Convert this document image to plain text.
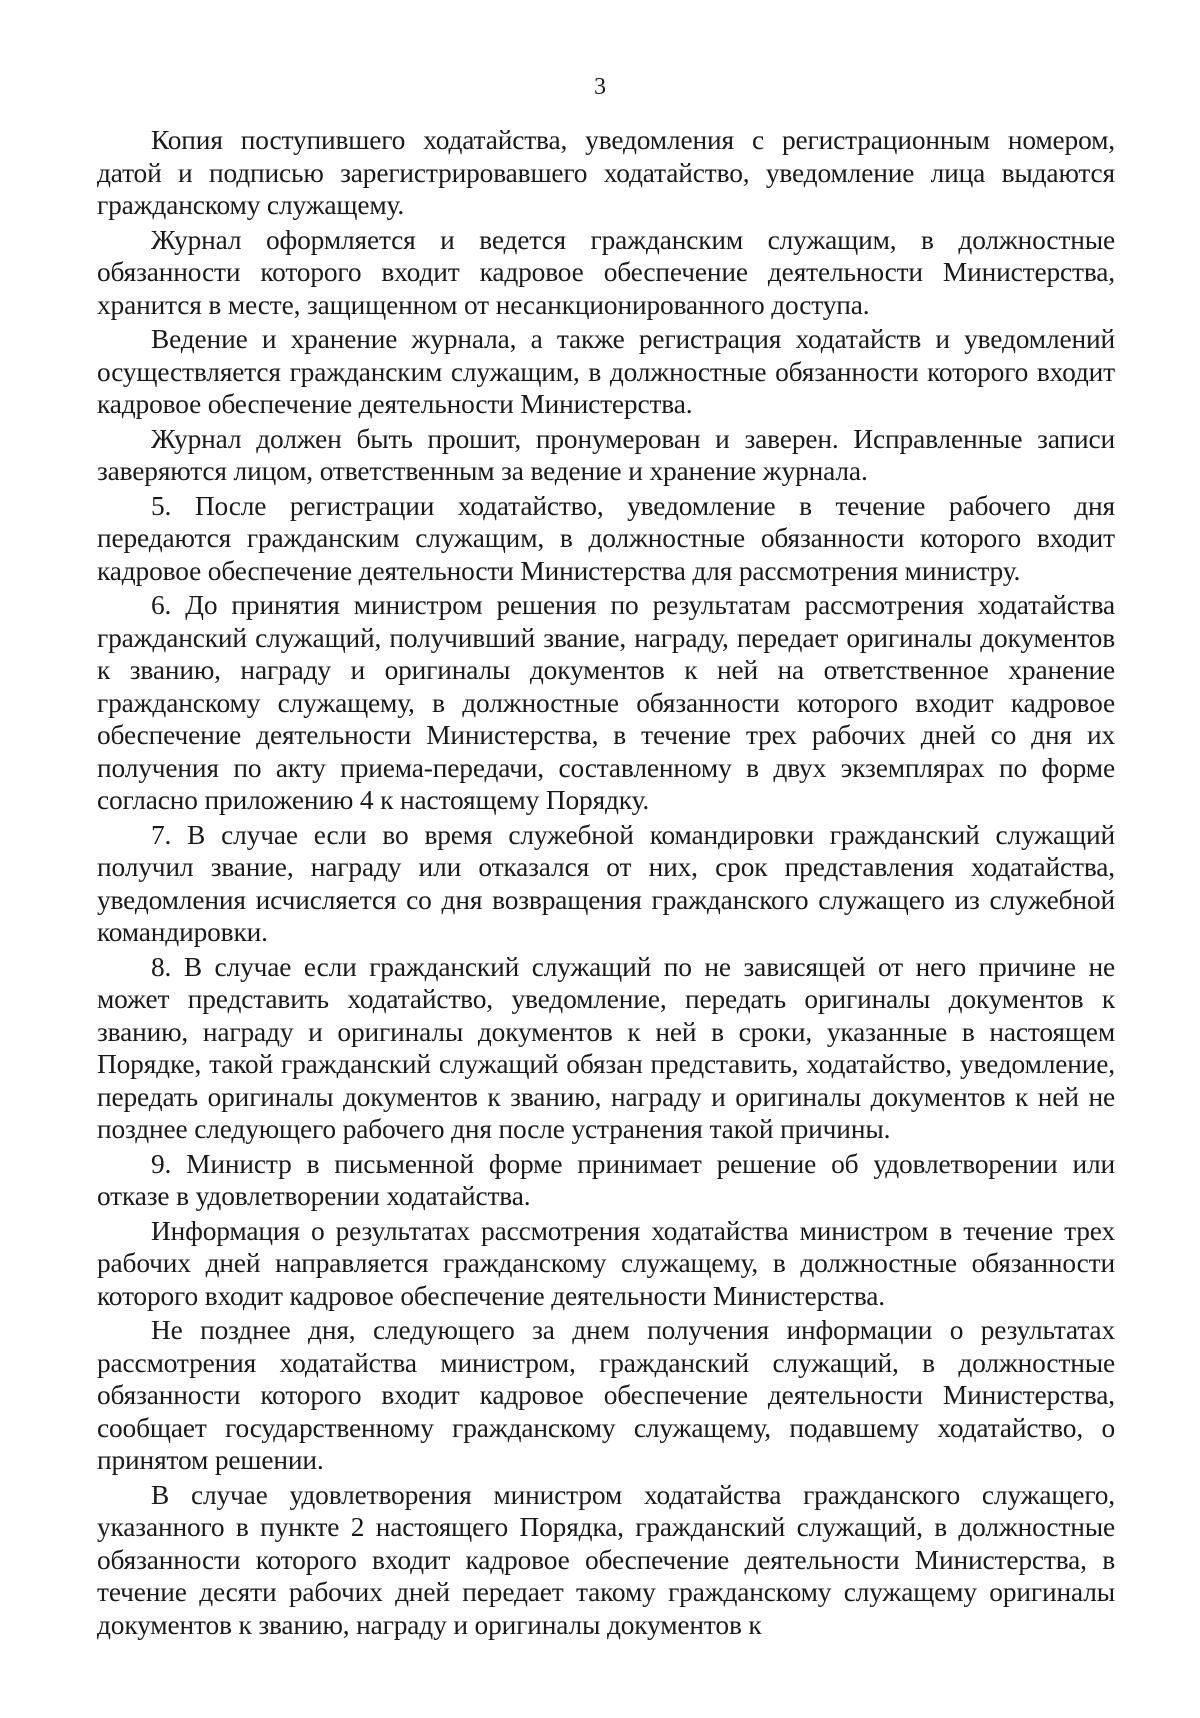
3

Копия поступившего ходатайства, уведомления с регистрационным номером, датой и подписью зарегистрировавшего ходатайство, уведомление лица выдаются гражданскому служащему.

Журнал оформляется и ведется гражданским служащим, в должностные обязанности которого входит кадровое обеспечение деятельности Министерства, хранится в месте, защищенном от несанкционированного доступа.

Ведение и хранение журнала, а также регистрация ходатайств и уведомлений осуществляется гражданским служащим, в должностные обязанности которого входит кадровое обеспечение деятельности Министерства.

Журнал должен быть прошит, пронумерован и заверен. Исправленные записи заверяются лицом, ответственным за ведение и хранение журнала.

5. После регистрации ходатайство, уведомление в течение рабочего дня передаются гражданским служащим, в должностные обязанности которого входит кадровое обеспечение деятельности Министерства для рассмотрения министру.

6. До принятия министром решения по результатам рассмотрения ходатайства гражданский служащий, получивший звание, награду, передает оригиналы документов к званию, награду и оригиналы документов к ней на ответственное хранение гражданскому служащему, в должностные обязанности которого входит кадровое обеспечение деятельности Министерства, в течение трех рабочих дней со дня их получения по акту приема-передачи, составленному в двух экземплярах по форме согласно приложению 4 к настоящему Порядку.

7. В случае если во время служебной командировки гражданский служащий получил звание, награду или отказался от них, срок представления ходатайства, уведомления исчисляется со дня возвращения гражданского служащего из служебной командировки.

8. В случае если гражданский служащий по не зависящей от него причине не может представить ходатайство, уведомление, передать оригиналы документов к званию, награду и оригиналы документов к ней в сроки, указанные в настоящем Порядке, такой гражданский служащий обязан представить, ходатайство, уведомление, передать оригиналы документов к званию, награду и оригиналы документов к ней не позднее следующего рабочего дня после устранения такой причины.

9. Министр в письменной форме принимает решение об удовлетворении или отказе в удовлетворении ходатайства.

Информация о результатах рассмотрения ходатайства министром в течение трех рабочих дней направляется гражданскому служащему, в должностные обязанности которого входит кадровое обеспечение деятельности Министерства.

Не позднее дня, следующего за днем получения информации о результатах рассмотрения ходатайства министром, гражданский служащий, в должностные обязанности которого входит кадровое обеспечение деятельности Министерства, сообщает государственному гражданскому служащему, подавшему ходатайство, о принятом решении.

В случае удовлетворения министром ходатайства гражданского служащего, указанного в пункте 2 настоящего Порядка, гражданский служащий, в должностные обязанности которого входит кадровое обеспечение деятельности Министерства, в течение десяти рабочих дней передает такому гражданскому служащему оригиналы документов к званию, награду и оригиналы документов к
